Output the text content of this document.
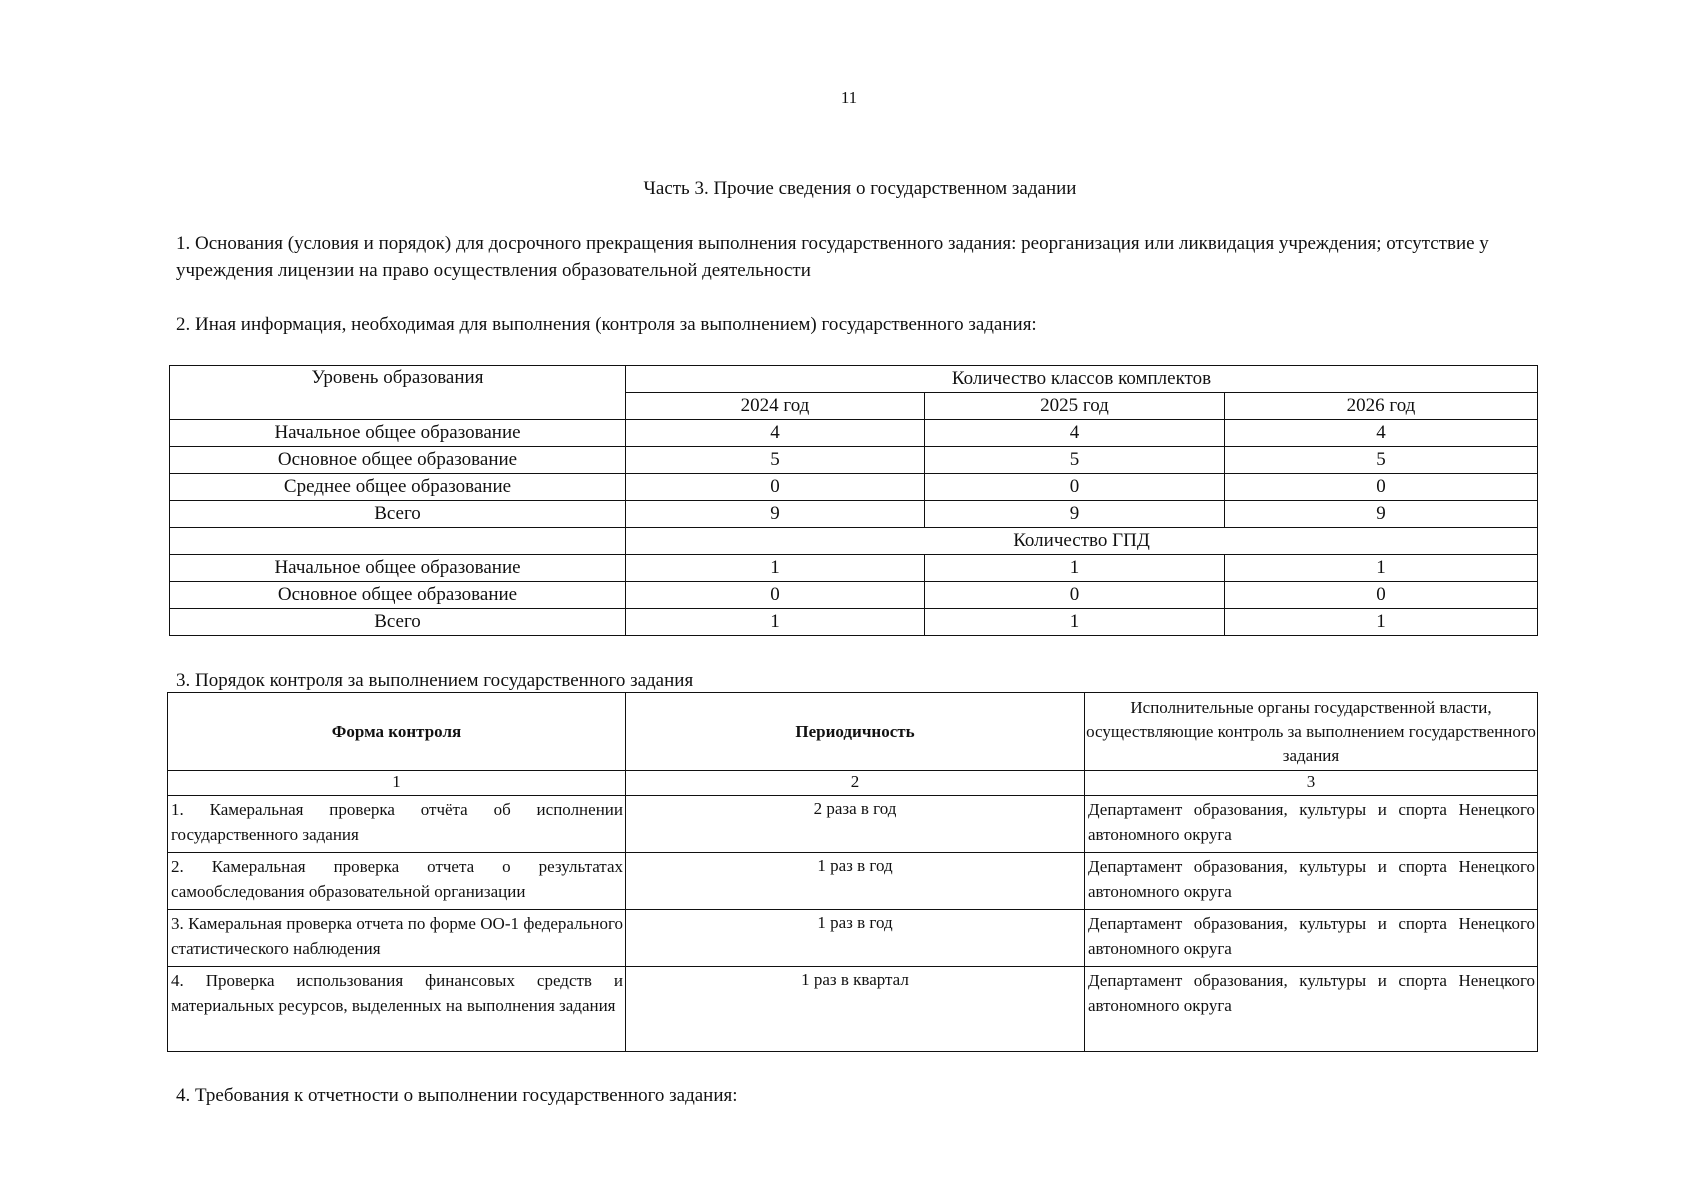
11
Часть 3. Прочие сведения о государственном задании
1. Основания (условия и порядок) для досрочного прекращения выполнения государственного задания: реорганизация или ликвидация учреждения; отсутствие у учреждения лицензии на право осуществления образовательной деятельности
2. Иная информация, необходимая для выполнения (контроля за выполнением) государственного задания:
Уровень образования	Количество классов комплектов		
	2024 год	2025 год	2026 год
Начальное общее образование	4	4	4
Основное общее образование	5	5	5
Среднее общее образование	0	0	0
Всего	9	9	9
	Количество ГПД		
Начальное общее образование	1	1	1
Основное общее образование	0	0	0
Всего	1	1	1
3. Порядок контроля за выполнением государственного задания
Форма контроля	Периодичность	Исполнительные органы государственной власти, осуществляющие контроль за выполнением государственного задания
1	2	3
1. Камеральная проверка отчёта об исполнении государственного задания	2 раза в год	Департамент образования, культуры и спорта Ненецкого автономного округа
2. Камеральная проверка отчета о результатах самообследования образовательной организации	1 раз в год	Департамент образования, культуры и спорта Ненецкого автономного округа
3. Камеральная проверка отчета по форме ОО-1 федерального статистического наблюдения	1 раз в год	Департамент образования, культуры и спорта Ненецкого автономного округа
4. Проверка использования финансовых средств и материальных ресурсов, выделенных на выполнения задания	1 раз в квартал	Департамент образования, культуры и спорта Ненецкого автономного округа
4. Требования к отчетности о выполнении государственного задания:
